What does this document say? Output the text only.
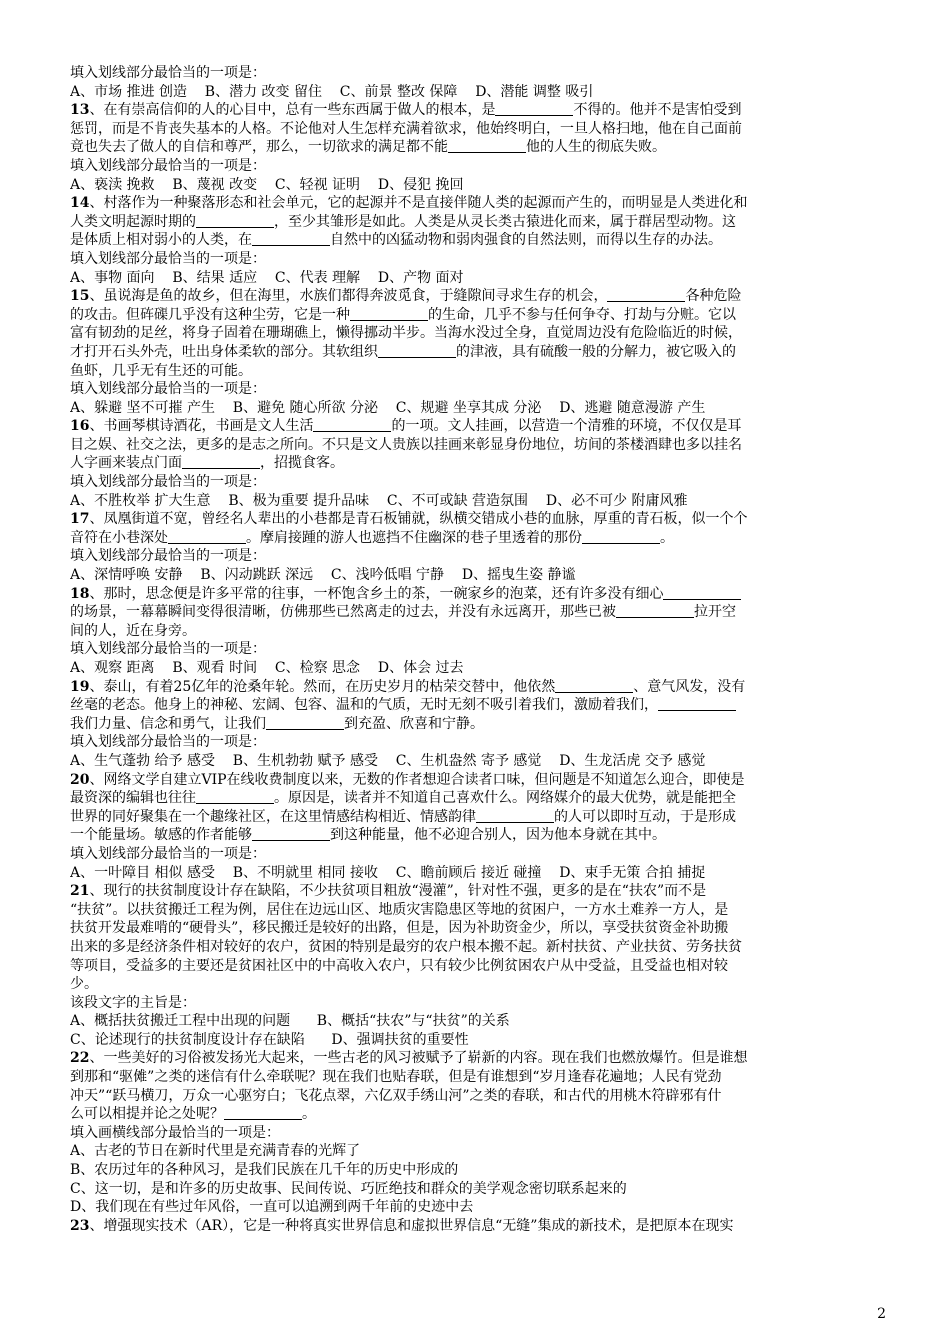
填入划线部分最恰当的一项是：

A、市场 推进 创造    B、潜力 改变 留住    C、前景 整改 保障    D、潜能 调整 吸引

13、在有崇高信仰的人的心目中，总有一些东西属于做人的根本，是	不得的。他并不是害怕受到

惩罚，而是不肯丧失基本的人格。不论他对人生怎样充满着欲求，他始终明白，一旦人格扫地，他在自己面前

竟也失去了做人的自信和尊严，那么，一切欲求的满足都不能	他的人生的彻底失败。

填入划线部分最恰当的一项是：

A、亵渎 挽救    B、蔑视 改变    C、轻视 证明    D、侵犯 挽回

14、村落作为一种聚落形态和社会单元，它的起源并不是直接伴随人类的起源而产生的，而明显是人类进化和

人类文明起源时期的	，至少其雏形是如此。人类是从灵长类古猿进化而来，属于群居型动物。这

是体质上相对弱小的人类，在	自然中的凶猛动物和弱肉强食的自然法则，而得以生存的办法。

填入划线部分最恰当的一项是：

A、事物 面向    B、结果 适应    C、代表 理解    D、产物 面对

15、虽说海是鱼的故乡，但在海里，水族们都得奔波觅食，于缝隙间寻求生存的机会，	各种危险

的攻击。但砗磲几乎没有这种尘劳，它是一种	的生命，几乎不参与任何争夺、打劫与分赃。它以

富有韧劲的足丝，将身子固着在珊瑚礁上，懒得挪动半步。当海水没过全身，直觉周边没有危险临近的时候，

才打开石头外壳，吐出身体柔软的部分。其软组织	的津液，具有硫酸一般的分解力，被它吸入的

鱼虾，几乎无有生还的可能。

填入划线部分最恰当的一项是：

A、躲避 坚不可摧 产生    B、避免 随心所欲 分泌    C、规避 坐享其成 分泌    D、逃避 随意漫游 产生

16、书画琴棋诗酒花，书画是文人生活	的一项。文人挂画，以营造一个清雅的环境，不仅仅是耳

目之娱、社交之法，更多的是志之所向。不只是文人贵族以挂画来彰显身份地位，坊间的茶楼酒肆也多以挂名

人字画来装点门面	，招揽食客。

填入划线部分最恰当的一项是：

A、不胜枚举 扩大生意    B、极为重要 提升品味    C、不可或缺 营造氛围    D、必不可少 附庸风雅

17、凤凰街道不宽，曾经名人辈出的小巷都是青石板铺就，纵横交错成小巷的血脉，厚重的青石板，似一个个

音符在小巷深处	。摩肩接踵的游人也遮挡不住幽深的巷子里透着的那份	。

填入划线部分最恰当的一项是：

A、深情呼唤 安静    B、闪动跳跃 深远    C、浅吟低唱 宁静    D、摇曳生姿 静谧

18、那时，思念便是许多平常的往事，一杯饱含乡土的茶，一碗家乡的泡菜，还有许多没有细心

的场景，一幕幕瞬间变得很清晰，仿佛那些已然离走的过去，并没有永远离开，那些已被	拉开空

间的人，近在身旁。

填入划线部分最恰当的一项是：

A、观察 距离    B、观看 时间    C、检察 思念    D、体会 过去

19、泰山，有着25亿年的沧桑年轮。然而，在历史岁月的枯荣交替中，他依然	、意气风发，没有

丝毫的老态。他身上的神秘、宏阔、包容、温和的气质，无时无刻不吸引着我们，激励着我们，

我们力量、信念和勇气，让我们	到充盈、欣喜和宁静。

填入划线部分最恰当的一项是：

A、生气蓬勃 给予 感受    B、生机勃勃 赋予 感受    C、生机盎然 寄予 感觉    D、生龙活虎 交予 感觉

20、网络文学自建立VIP在线收费制度以来，无数的作者想迎合读者口味，但问题是不知道怎么迎合，即使是

最资深的编辑也往往	。原因是，读者并不知道自己喜欢什么。网络媒介的最大优势，就是能把全

世界的同好聚集在一个趣缘社区，在这里情感结构相近、情感韵律	的人可以即时互动，于是形成

一个能量场。敏感的作者能够	到这种能量，他不必迎合别人，因为他本身就在其中。

填入划线部分最恰当的一项是：

A、一叶障目 相似 感受    B、不明就里 相同 接收    C、瞻前顾后 接近 碰撞    D、束手无策 合拍 捕捉

21、现行的扶贫制度设计存在缺陷，不少扶贫项目粗放“漫灌”，针对性不强，更多的是在“扶农”而不是

“扶贫”。以扶贫搬迁工程为例，居住在边远山区、地质灾害隐患区等地的贫困户，一方水土难养一方人，是

扶贫开发最难啃的“硬骨头”，移民搬迁是较好的出路，但是，因为补助资金少，所以，享受扶贫资金补助搬

出来的多是经济条件相对较好的农户，贫困的特别是最穷的农户根本搬不起。新村扶贫、产业扶贫、劳务扶贫

等项目，受益多的主要还是贫困社区中的中高收入农户，只有较少比例贫困农户从中受益，且受益也相对较

少。

该段文字的主旨是：

A、概括扶贫搬迁工程中出现的问题      B、概括“扶农”与“扶贫”的关系

C、论述现行的扶贫制度设计存在缺陷      D、强调扶贫的重要性

22、一些美好的习俗被发扬光大起来，一些古老的风习被赋予了崭新的内容。现在我们也燃放爆竹。但是谁想

到那和“驱傩”之类的迷信有什么牵联呢？现在我们也贴春联，但是有谁想到“岁月逢春花遍地；人民有党劲

冲天”“跃马横刀，万众一心驱穷白；飞花点翠，六亿双手绣山河”之类的春联，和古代的用桃木符辟邪有什

么可以相提并论之处呢？	。

填入画横线部分最恰当的一项是：

A、古老的节日在新时代里是充满青春的光辉了

B、农历过年的各种风习，是我们民族在几千年的历史中形成的

C、这一切，是和许多的历史故事、民间传说、巧匠绝技和群众的美学观念密切联系起来的

D、我们现在有些过年风俗，一直可以追溯到两千年前的史迹中去

23、增强现实技术（AR），它是一种将真实世界信息和虚拟世界信息“无缝”集成的新技术，是把原本在现实

2
